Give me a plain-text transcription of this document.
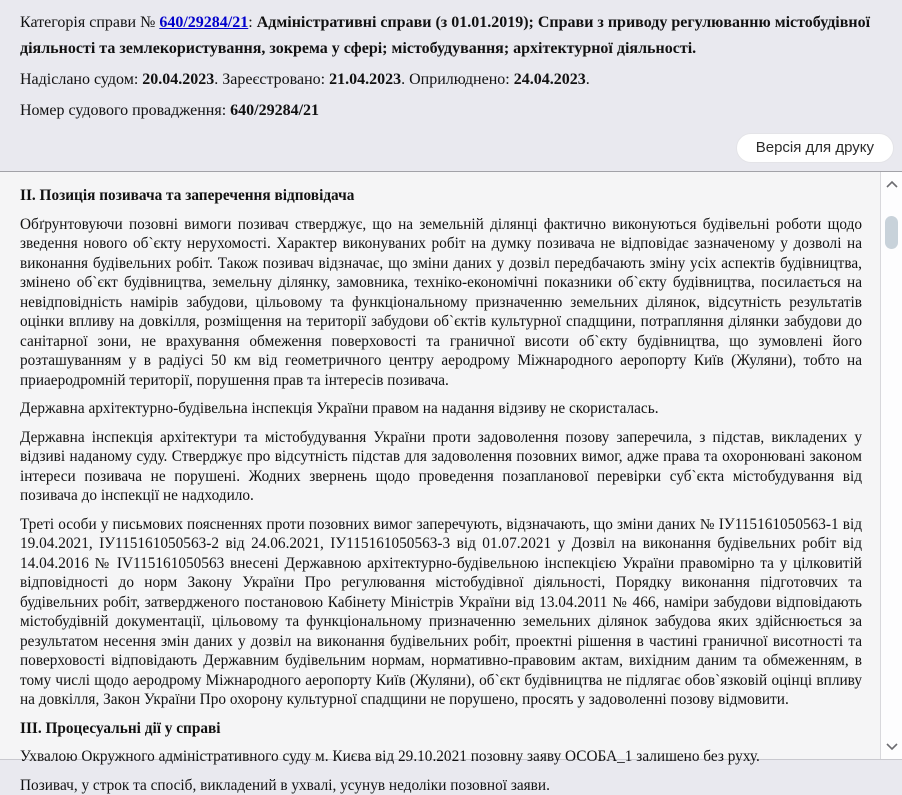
Категорія справи № 640/29284/21: Адміністративні справи (з 01.01.2019); Справи з приводу регулюванню містобудівної діяльності та землекористування, зокрема у сфері; містобудування; архітектурної діяльності.

Надіслано судом: 20.04.2023. Зареєстровано: 21.04.2023. Оприлюднено: 24.04.2023.

Номер судового провадження: 640/29284/21

Версія для друку
ІІ. Позиція позивача та заперечення відповідача

Обґрунтовуючи позовні вимоги позивач стверджує, що на земельній ділянці фактично виконуються будівельні роботи щодо зведення нового об`єкту нерухомості. Характер виконуваних робіт на думку позивача не відповідає зазначеному у дозволі на виконання будівельних робіт. Також позивач відзначає, що зміни даних у дозвіл передбачають зміну усіх аспектів будівництва, змінено об`єкт будівництва, земельну ділянку, замовника, техніко-економічні показники об`єкту будівництва, посилається на невідповідність намірів забудови, цільовому та функціональному призначенню земельних ділянок, відсутність результатів оцінки впливу на довкілля, розміщення на території забудови об`єктів культурної спадщини, потрапляння ділянки забудови до санітарної зони, не врахування обмеження поверховості та граничної висоти об`єкту будівництва, що зумовлені його розташуванням у в радіусі 50 км від геометричного центру аеродрому Міжнародного аеропорту Київ (Жуляни), тобто на приаеродромній території, порушення прав та інтересів позивача.

Державна архітектурно-будівельна інспекція України правом на надання відзиву не скористалась.

Державна інспекція архітектури та містобудування України проти задоволення позову заперечила, з підстав, викладених у відзиві наданому суду. Стверджує про відсутність підстав для задоволення позовних вимог, адже права та охоронювані законом інтереси позивача не порушені. Жодних звернень щодо проведення позапланової перевірки суб`єкта містобудування від позивача до інспекції не надходило.

Треті особи у письмових поясненнях проти позовних вимог заперечують, відзначають, що зміни даних № ІУ115161050563-1 від 19.04.2021, ІУ115161050563-2 від 24.06.2021, ІУ115161050563-3 від 01.07.2021 у Дозвіл на виконання будівельних робіт від 14.04.2016 № ІV115161050563 внесені Державною архітектурно-будівельною інспекцією України правомірно та у цілковитій відповідності до норм Закону України Про регулювання містобудівної діяльності, Порядку виконання підготовчих та будівельних робіт, затвердженого постановою Кабінету Міністрів України від 13.04.2011 № 466, наміри забудови відповідають містобудівній документації, цільовому та функціональному призначенню земельних ділянок забудова яких здійснюється за результатом несення змін даних у дозвіл на виконання будівельних робіт, проектні рішення в частині граничної висотності та поверховості відповідають Державним будівельним нормам, нормативно-правовим актам, вихідним даним та обмеженням, в тому числі щодо аеродрому Міжнародного аеропорту Київ (Жуляни), об`єкт будівництва не підлягає обов`язковій оцінці впливу на довкілля, Закон України Про охорону культурної спадщини не порушено, просять у задоволенні позову відмовити.

ІІІ. Процесуальні дії у справі

Ухвалою Окружного адміністративного суду м. Києва від 29.10.2021 позовну заяву ОСОБА_1 залишено без руху.

Позивач, у строк та спосіб, викладений в ухвалі, усунув недоліки позовної заяви.
